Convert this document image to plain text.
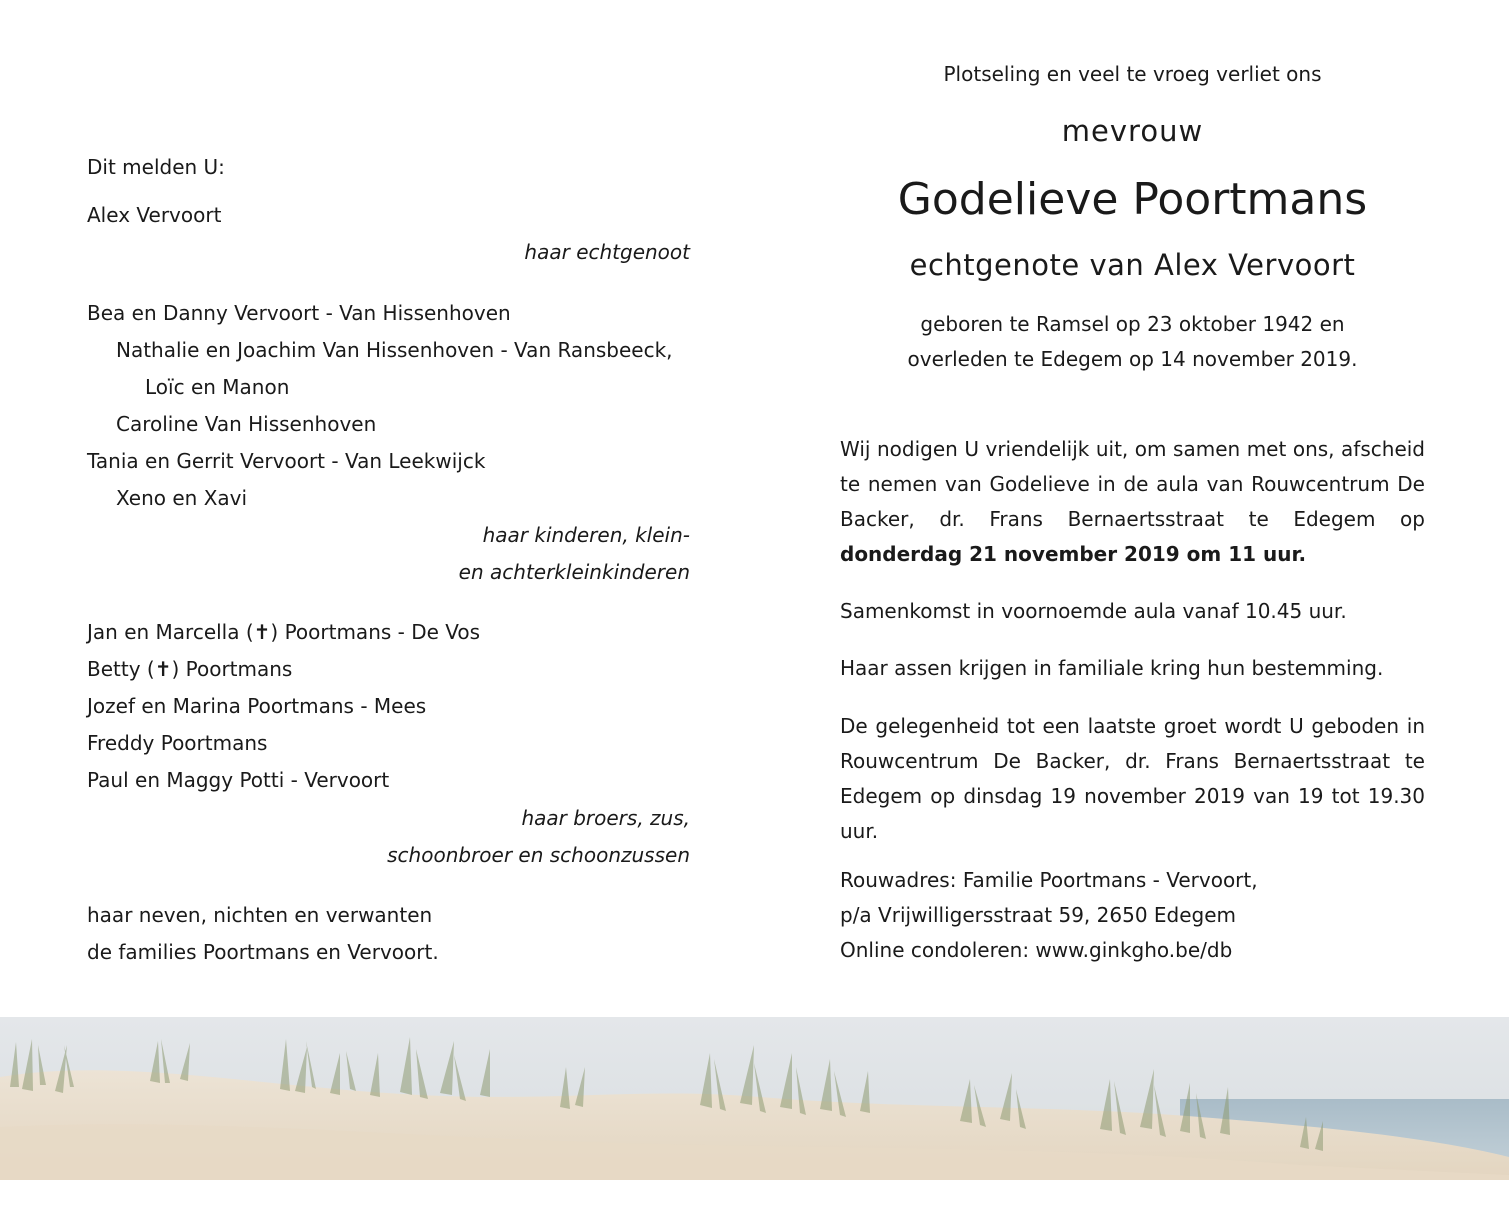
Dit melden U:
Alex Vervoort
haar echtgenoot
Bea en Danny Vervoort - Van Hissenhoven
Nathalie en Joachim Van Hissenhoven - Van Ransbeeck,
Loïc en Manon
Caroline Van Hissenhoven
Tania en Gerrit Vervoort - Van Leekwijck
Xeno en Xavi
haar kinderen, klein-
en achterkleinkinderen
Jan en Marcella (✝) Poortmans - De Vos
Betty (✝) Poortmans
Jozef en Marina Poortmans - Mees
Freddy Poortmans
Paul en Maggy Potti - Vervoort
haar broers, zus,
schoonbroer en schoonzussen
haar neven, nichten en verwanten
de families Poortmans en Vervoort.
Plotseling en veel te vroeg verliet ons
mevrouw
Godelieve Poortmans
echtgenote van Alex Vervoort
geboren te Ramsel op 23 oktober 1942 en
overleden te Edegem op 14 november 2019.
Wij nodigen U vriendelijk uit, om samen met ons, afscheid te nemen van Godelieve in de aula van Rouwcentrum De Backer, dr. Frans Bernaertsstraat te Edegem op donderdag 21 november 2019 om 11 uur.
Samenkomst in voornoemde aula vanaf 10.45 uur.
Haar assen krijgen in familiale kring hun bestemming.
De gelegenheid tot een laatste groet wordt U geboden in Rouwcentrum De Backer, dr. Frans Bernaertsstraat te Edegem op dinsdag 19 november 2019 van 19 tot 19.30 uur.
Rouwadres: Familie Poortmans - Vervoort,
p/a Vrijwilligersstraat 59, 2650 Edegem
Online condoleren: www.ginkgho.be/db
